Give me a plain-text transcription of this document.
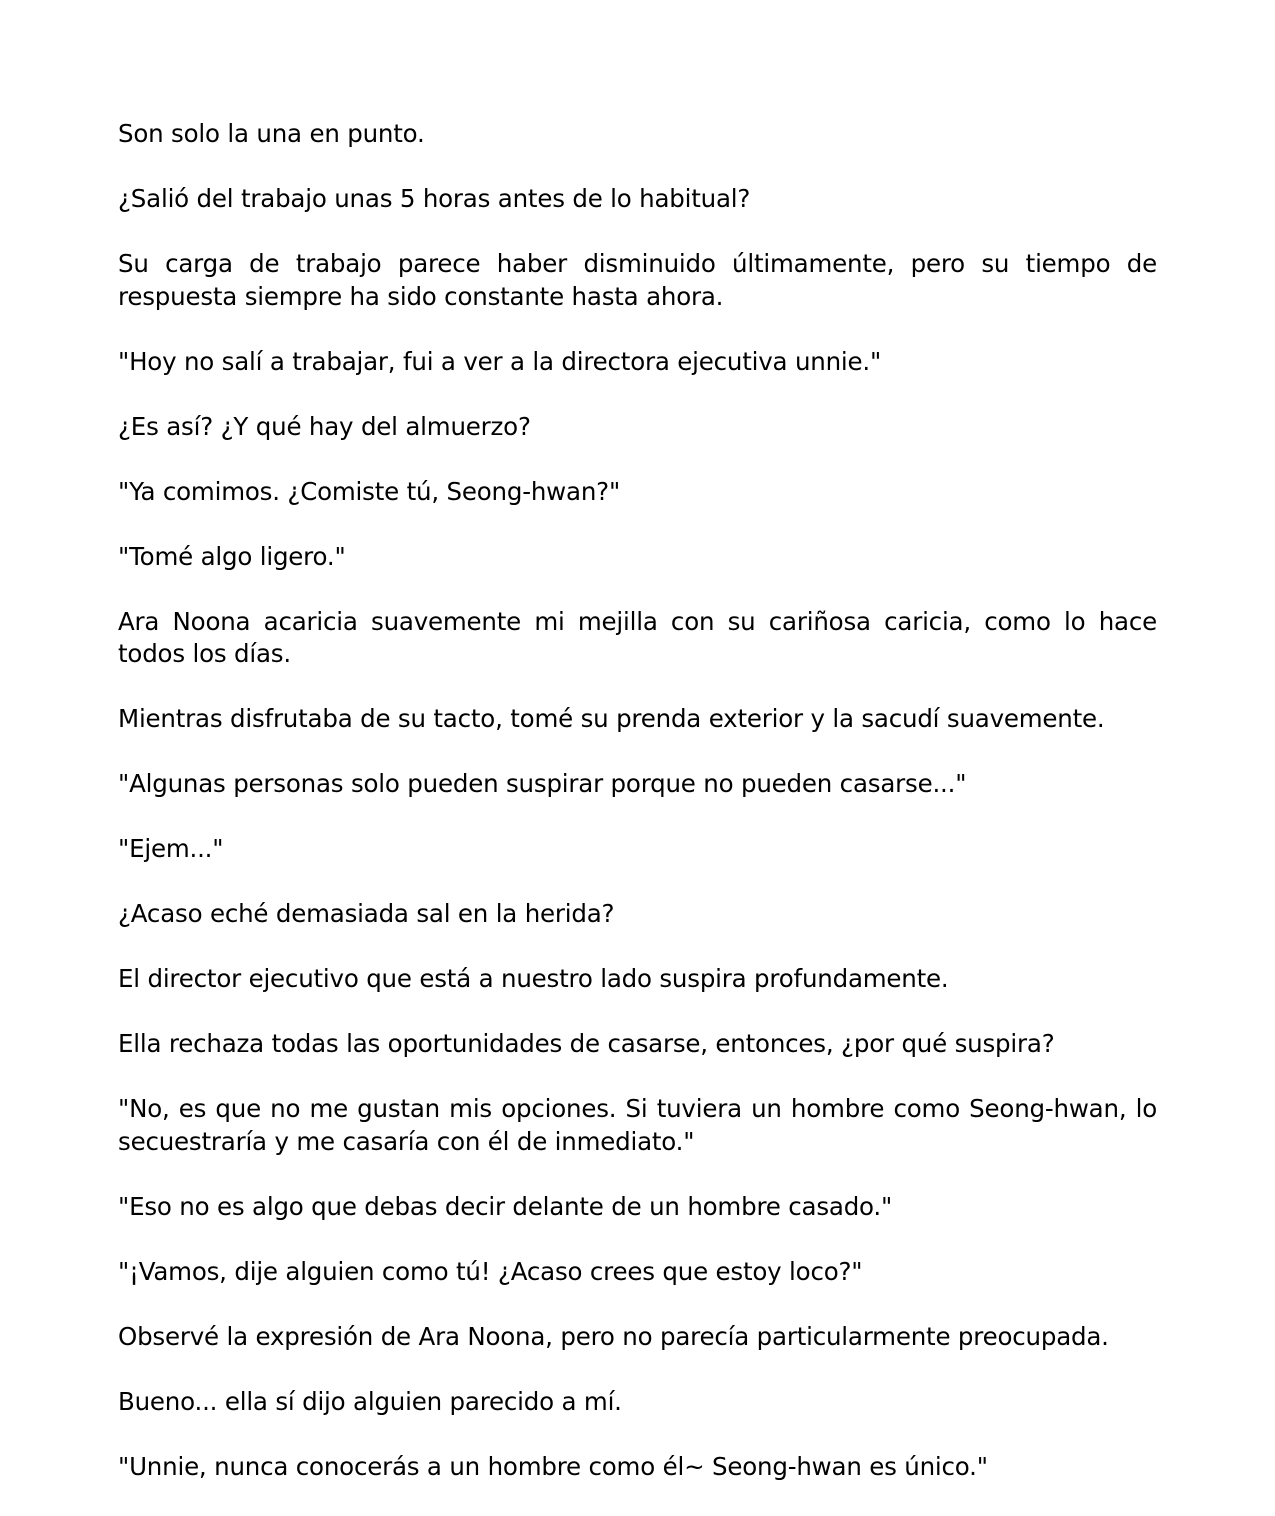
Son solo la una en punto.

¿Salió del trabajo unas 5 horas antes de lo habitual?

Su carga de trabajo parece haber disminuido últimamente, pero su tiempo de respuesta siempre ha sido constante hasta ahora.

"Hoy no salí a trabajar, fui a ver a la directora ejecutiva unnie."

¿Es así? ¿Y qué hay del almuerzo?

"Ya comimos. ¿Comiste tú, Seong-hwan?"

"Tomé algo ligero."

Ara Noona acaricia suavemente mi mejilla con su cariñosa caricia, como lo hace todos los días.

Mientras disfrutaba de su tacto, tomé su prenda exterior y la sacudí suavemente.

"Algunas personas solo pueden suspirar porque no pueden casarse..."

"Ejem..."

¿Acaso eché demasiada sal en la herida?

El director ejecutivo que está a nuestro lado suspira profundamente.

Ella rechaza todas las oportunidades de casarse, entonces, ¿por qué suspira?

"No, es que no me gustan mis opciones. Si tuviera un hombre como Seong-hwan, lo secuestraría y me casaría con él de inmediato."

"Eso no es algo que debas decir delante de un hombre casado."

"¡Vamos, dije alguien como tú! ¿Acaso crees que estoy loco?"

Observé la expresión de Ara Noona, pero no parecía particularmente preocupada.

Bueno... ella sí dijo alguien parecido a mí.

"Unnie, nunca conocerás a un hombre como él~ Seong-hwan es único."
